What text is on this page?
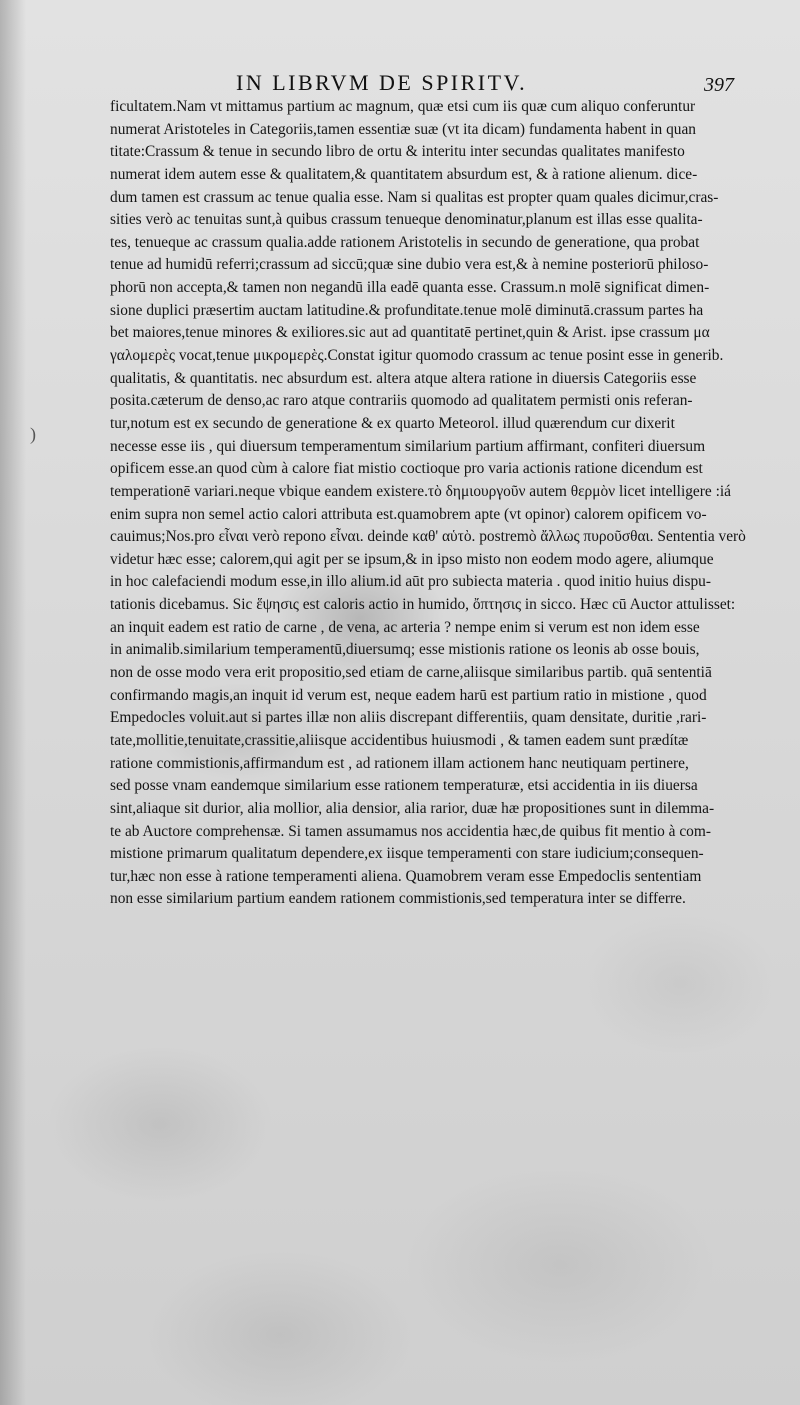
IN LIBRVM DE SPIRITV.	397
)
ficultatem.Nam vt mittamus partium ac magnum, quæ etsi cum iis quæ cum aliquo conferuntur
numerat Aristoteles in Categoriis,tamen essentiæ suæ (vt ita dicam) fundamenta habent in quan
titate:Crassum & tenue in secundo libro de ortu & interitu inter secundas qualitates manifesto
numerat idem autem esse & qualitatem,& quantitatem absurdum est, & à ratione alienum. dice-
dum tamen est crassum ac tenue qualia esse. Nam si qualitas est propter quam quales dicimur,cras-
sities verò ac tenuitas sunt,à quibus crassum tenueque denominatur,planum est illas esse qualita-
tes, tenueque ac crassum qualia.adde rationem Aristotelis in secundo de generatione, qua probat
tenue ad humidū referri;crassum ad siccū;quæ sine dubio vera est,& à nemine posteriorū philoso-
phorū non accepta,& tamen non negandū illa eadē quanta esse. Crassum.n molē significat dimen-
sione duplici præsertim auctam latitudine.& profunditate.tenue molē diminutā.crassum partes ha
bet maiores,tenue minores & exiliores.sic aut ad quantitatē pertinet,quin & Arist. ipse crassum μα
γαλομερὲς vocat,tenue μικρομερὲς.Constat igitur quomodo crassum ac tenue posint esse in generib.
qualitatis, & quantitatis. nec absurdum est. altera atque altera ratione in diuersis Categoriis esse
posita.cæterum de denso,ac raro atque contrariis quomodo ad qualitatem permisti onis referan-
tur,notum est ex secundo de generatione & ex quarto Meteorol. illud quærendum cur dixerit
necesse esse iis , qui diuersum temperamentum similarium partium affirmant, confiteri diuersum
opificem esse.an quod cùm à calore fiat mistio coctioque pro varia actionis ratione dicendum est
temperationē variari.neque vbique eandem existere.τὸ δημιουργοῦν autem θερμὸν licet intelligere :iá
enim supra non semel actio calori attributa est.quamobrem apte (vt opinor) calorem opificem vo-
cauimus;Nos.pro εἶναι verò repono εἶναι. deinde καθ' αὑτὸ. postremò ἄλλως πυροῦσθαι. Sententia verò
videtur hæc esse; calorem,qui agit per se ipsum,& in ipso misto non eodem modo agere, aliumque
in hoc calefaciendi modum esse,in illo alium.id aūt pro subiecta materia . quod initio huius dispu-
tationis dicebamus. Sic ἕψησις est caloris actio in humido, ὄπτησις in sicco. Hæc cū Auctor attulisset:
an inquit eadem est ratio de carne , de vena, ac arteria ? nempe enim si verum est non idem esse
in animalib.similarium temperamentū,diuersumq; esse mistionis ratione os leonis ab osse bouis,
non de osse modo vera erit propositio,sed etiam de carne,aliisque similaribus partib. quā sententiā
confirmando magis,an inquit id verum est, neque eadem harū est partium ratio in mistione , quod
Empedocles voluit.aut si partes illæ non aliis discrepant differentiis, quam densitate, duritie ,rari-
tate,mollitie,tenuitate,crassitie,aliisque accidentibus huiusmodi , & tamen eadem sunt prædítæ
ratione commistionis,affirmandum est , ad rationem illam actionem hanc neutiquam pertinere,
sed posse vnam eandemque similarium esse rationem temperaturæ, etsi accidentia in iis diuersa
sint,aliaque sit durior, alia mollior, alia densior, alia rarior, duæ hæ propositiones sunt in dilemma-
te ab Auctore comprehensæ. Si tamen assumamus nos accidentia hæc,de quibus fit mentio à com-
mistione primarum qualitatum dependere,ex iisque temperamenti con stare iudicium;consequen-
tur,hæc non esse à ratione temperamenti aliena. Quamobrem veram esse Empedoclis sententiam
non esse similarium partium eandem rationem commistionis,sed temperatura inter se differre.
